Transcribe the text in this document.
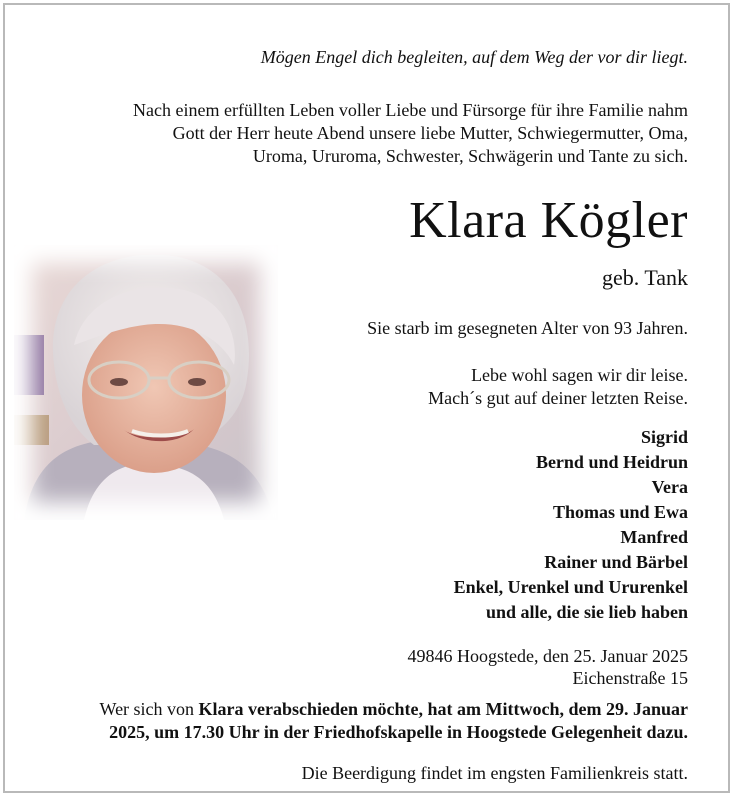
Mögen Engel dich begleiten, auf dem Weg der vor dir liegt.
Nach einem erfüllten Leben voller Liebe und Fürsorge für ihre Familie nahm
Gott der Herr heute Abend unsere liebe Mutter, Schwiegermutter, Oma,
Uroma, Ururoma, Schwester, Schwägerin und Tante zu sich.
Klara Kögler
geb. Tank
Sie starb im gesegneten Alter von 93 Jahren.
Lebe wohl sagen wir dir leise.
Mach´s gut auf deiner letzten Reise.
Sigrid
Bernd und Heidrun
Vera
Thomas und Ewa
Manfred
Rainer und Bärbel
Enkel, Urenkel und Ururenkel
und alle, die sie lieb haben
49846 Hoogstede, den 25. Januar 2025
Eichenstraße 15
Wer sich von Klara verabschieden möchte, hat am Mittwoch, dem 29. Januar
2025, um 17.30 Uhr in der Friedhofskapelle in Hoogstede Gelegenheit dazu.
Die Beerdigung findet im engsten Familienkreis statt.
